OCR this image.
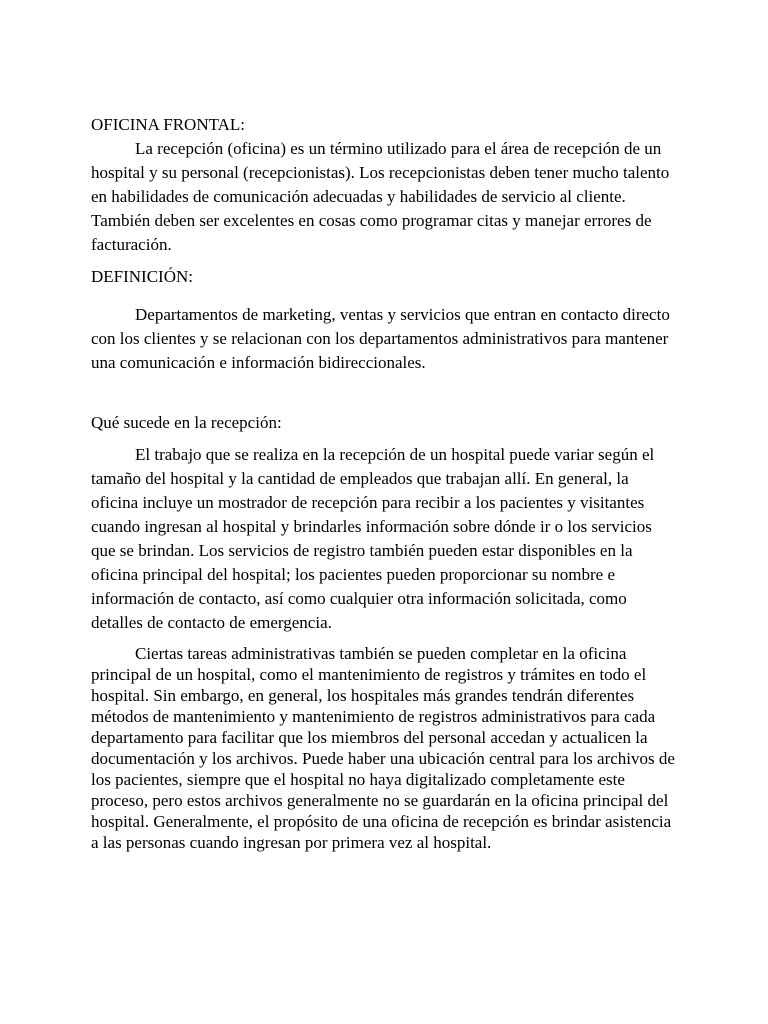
OFICINA FRONTAL:

La recepción (oficina) es un término utilizado para el área de recepción de un hospital y su personal (recepcionistas). Los recepcionistas deben tener mucho talento en habilidades de comunicación adecuadas y habilidades de servicio al cliente. También deben ser excelentes en cosas como programar citas y manejar errores de facturación.

DEFINICIÓN:

Departamentos de marketing, ventas y servicios que entran en contacto directo con los clientes y se relacionan con los departamentos administrativos para mantener una comunicación e información bidireccionales.

Qué sucede en la recepción:

El trabajo que se realiza en la recepción de un hospital puede variar según el tamaño del hospital y la cantidad de empleados que trabajan allí. En general, la oficina incluye un mostrador de recepción para recibir a los pacientes y visitantes cuando ingresan al hospital y brindarles información sobre dónde ir o los servicios que se brindan. Los servicios de registro también pueden estar disponibles en la oficina principal del hospital; los pacientes pueden proporcionar su nombre e información de contacto, así como cualquier otra información solicitada, como detalles de contacto de emergencia.

Ciertas tareas administrativas también se pueden completar en la oficina principal de un hospital, como el mantenimiento de registros y trámites en todo el hospital. Sin embargo, en general, los hospitales más grandes tendrán diferentes métodos de mantenimiento y mantenimiento de registros administrativos para cada departamento para facilitar que los miembros del personal accedan y actualicen la documentación y los archivos. Puede haber una ubicación central para los archivos de los pacientes, siempre que el hospital no haya digitalizado completamente este proceso, pero estos archivos generalmente no se guardarán en la oficina principal del hospital. Generalmente, el propósito de una oficina de recepción es brindar asistencia a las personas cuando ingresan por primera vez al hospital.
